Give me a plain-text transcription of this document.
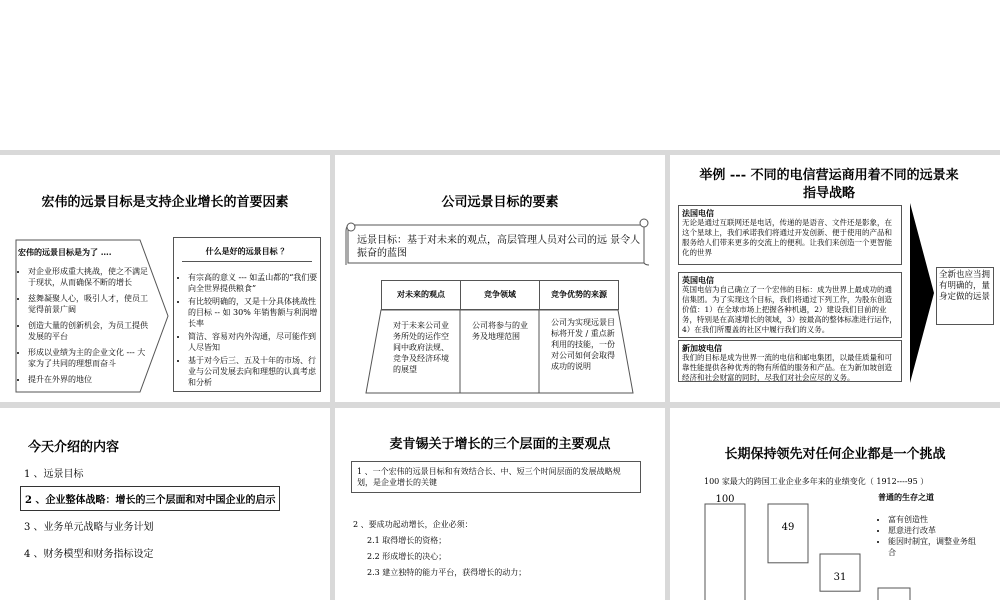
宏伟的远景目标是支持企业增长的首要因素
宏伟的远景目标是为了 ….
• 对企业形成重大挑战，使之不满足于现状，从而确保不断的增长
• 兹舞凝聚人心，吸引人才，使员工觉得前景广阔
• 创造大量的创新机会，为员工提供发展的平台
• 形成以业绩为主的企业文化 --- 大家为了共同的理想而奋斗
• 提升在外界的地位
什么是好的远景目标 ？
• 有宗高的意义 --- 如孟山都的“我们要向全世界提供粮食”
• 有比较明确的，又是十分具体挑战性的目标 -- 如 30% 年销售额与利润增长率
• 简洁、容易对内外沟通，尽可能作到人尽皆知
• 基于对今后三、五及十年的市场、行业与公司发展去向和理想的认真考虑和分析
公司远景目标的要素
远景目标：基于对未来的观点，高层管理人员对公司的远 景令人振奋的蓝图
对未来的观点	竞争领域	竞争优势的来源
对于未来公司业务所处的运作空间中政府法规、竞争及经济环境的展望
公司将参与的业务及地理范围
公司为实现远景目标将开发 / 重点新利用的技能，一份对公司如何会取得成功的说明
举例 --- 不同的电信营运商用着不同的远景来指导战略
法国电信
无论是通过互联网还是电话，传递的是语音、文件还是影象，在这个星球上，我们承诺我们将通过开发创新、便于使用的产品和服务给人们带来更多的交流上的便利。让我们来创造一个更智能化的世界
英国电信
英国电信为自己确立了一个宏伟的目标：成为世界上最成功的通信集团。为了实现这个目标，我们将通过下列工作，为股东创造价值：1）在全球市场上把握各种机遇，2）建设我们目前的业务，特别是在高速增长的领域，3）按最高的整体标准进行运作，4）在我们所覆盖的社区中履行我们的义务。
新加坡电信
我们的目标是成为世界一流的电信和邮电集团，以最佳质量和可靠性能提供各种优秀的物有所值的服务和产品。在为新加坡创造经济和社会财富的同时，尽我们对社会应尽的义务。
全新也应当拥有明确的，量身定做的远景
今天介绍的内容
1 、远景目标
2 、企业整体战略：增长的三个层面和对中国企业的启示
3 、业务单元战略与业务计划
4 、财务模型和财务指标设定
麦肯锡关于增长的三个层面的主要观点
1 、一个宏伟的远景目标和有效结合长、中、短三个时间层面的发展战略规划，是企业增长的关键
2 、要成功起动增长，企业必须：
2.1 取得增长的资格；
2.2 形成增长的决心；
2.3 建立独特的能力平台，获得增长的动力；
长期保持领先对任何企业都是一个挑战
100 家最大的跨国工业企业多年来的业绩变化（ 1912----95 ）
100
49
31
普通的生存之道
• 富有创造性
• 愿意进行改革
• 能因时制宜，调整业务组合
